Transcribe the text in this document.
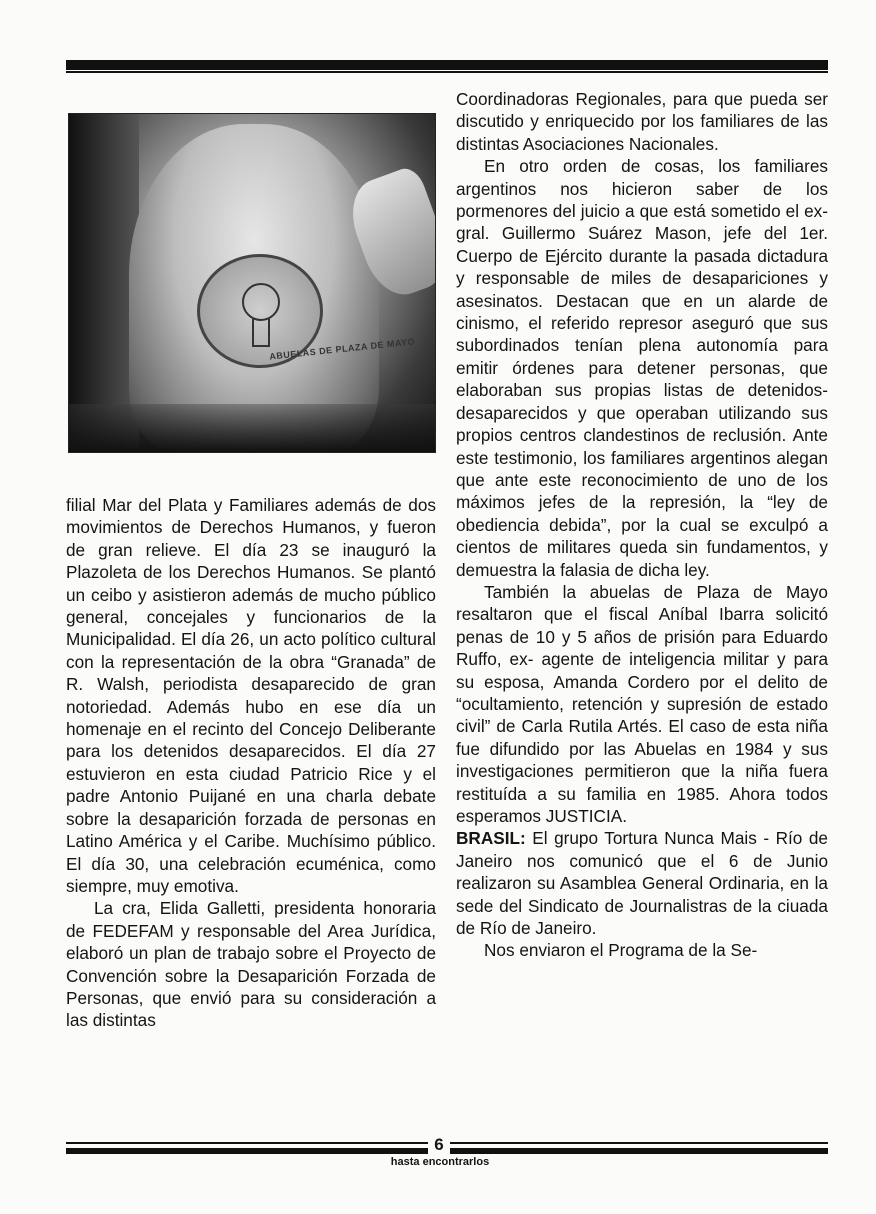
ABUELAS DE PLAZA DE MAYO

filial Mar del Plata y Familiares además de dos movimientos de Derechos Humanos, y fueron de gran relieve. El día 23 se inauguró la Plazoleta de los Derechos Humanos. Se plantó un ceibo y asistieron además de mucho público general, concejales y funcionarios de la Municipalidad. El día 26, un acto político cultural con la representación de la obra “Granada” de R. Walsh, periodista desaparecido de gran notoriedad. Además hubo en ese día un homenaje en el recinto del Concejo Deliberante para los detenidos desaparecidos. El día 27 estuvieron en esta ciudad Patricio Rice y el padre Antonio Puijané en una charla debate sobre la desaparición forzada de personas en Latino América y el Caribe. Muchísimo público. El día 30, una celebración ecuménica, como siempre, muy emotiva.

La cra, Elida Galletti, presidenta honoraria de FEDEFAM y responsable del Area Jurídica, elaboró un plan de trabajo sobre el Proyecto de Convención sobre la Desaparición Forzada de Personas, que envió para su consideración a las distintas

Coordinadoras Regionales, para que pueda ser discutido y enriquecido por los familiares de las distintas Asociaciones Nacionales.

En otro orden de cosas, los familiares argentinos nos hicieron saber de los pormenores del juicio a que está sometido el ex-gral. Guillermo Suárez Mason, jefe del 1er. Cuerpo de Ejército durante la pasada dictadura y responsable de miles de desapariciones y asesinatos. Destacan que en un alarde de cinismo, el referido represor aseguró que sus subordinados tenían plena autonomía para emitir órdenes para detener personas, que elaboraban sus propias listas de detenidos-desaparecidos y que operaban utilizando sus propios centros clandestinos de reclusión. Ante este testimonio, los familiares argentinos alegan que ante este reconocimiento de uno de los máximos jefes de la represión, la “ley de obediencia debida”, por la cual se exculpó a cientos de militares queda sin fundamentos, y demuestra la falasia de dicha ley.

También la abuelas de Plaza de Mayo resaltaron que el fiscal Aníbal Ibarra solicitó penas de 10 y 5 años de prisión para Eduardo Ruffo, ex- agente de inteligencia militar y para su esposa, Amanda Cordero por el delito de “ocultamiento, retención y supresión de estado civil” de Carla Rutila Artés. El caso de esta niña fue difundido por las Abuelas en 1984 y sus investigaciones permitieron que la niña fuera restituída a su familia en 1985. Ahora todos esperamos JUSTICIA.

BRASIL: El grupo Tortura Nunca Mais - Río de Janeiro nos comunicó que el 6 de Junio realizaron su Asamblea General Ordinaria, en la sede del Sindicato de Journalistras de la ciuada de Río de Janeiro.

Nos enviaron el Programa de la Se-

6
hasta encontrarlos
